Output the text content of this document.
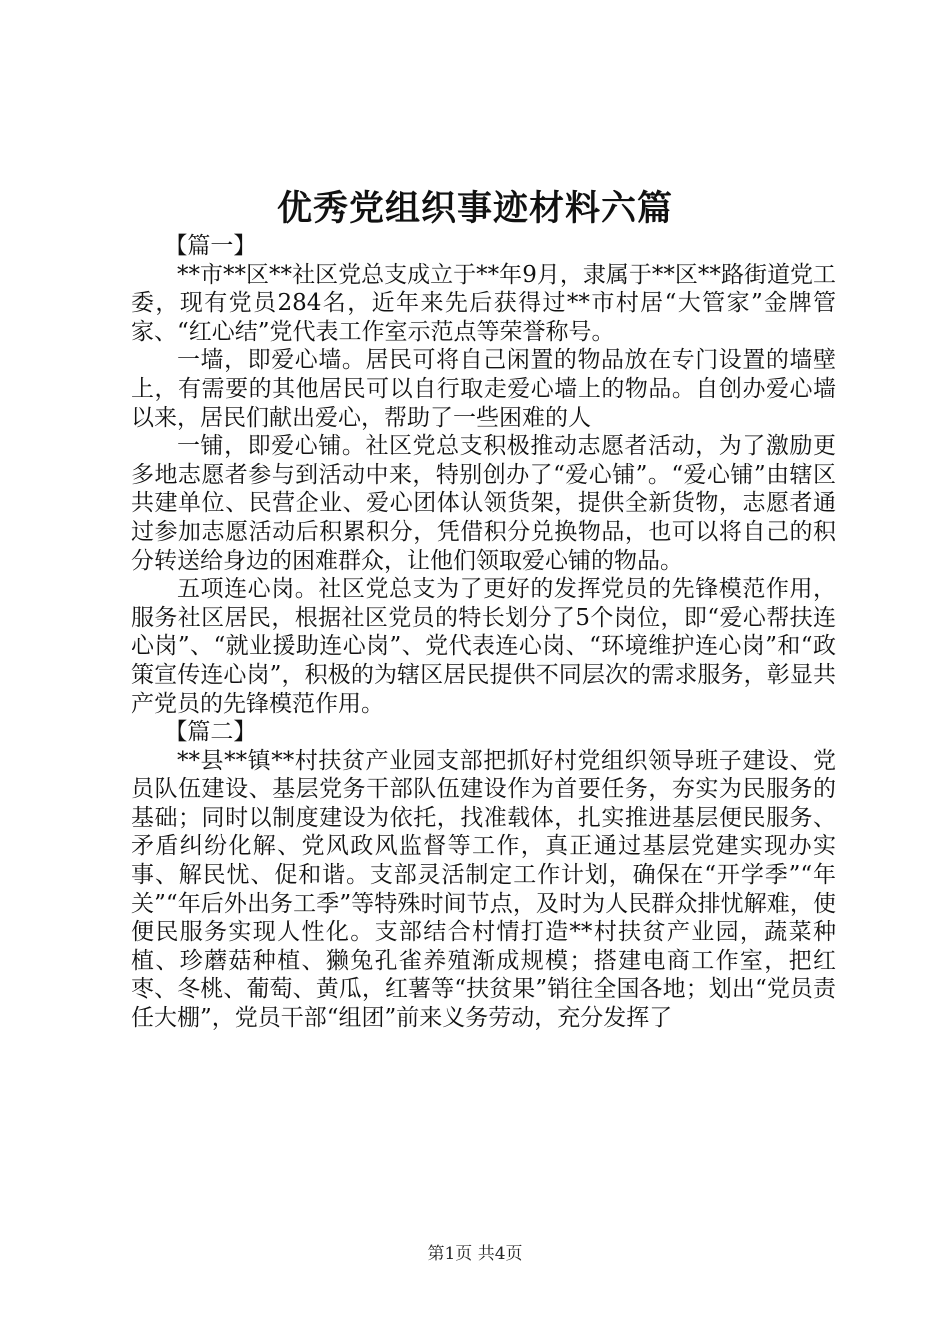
优秀党组织事迹材料六篇
【篇一】

**市**区**社区党总支成立于**年9月，隶属于**区**路街道党工委，现有党员284名，近年来先后获得过**市村居“大管家”金牌管家、“红心结”党代表工作室示范点等荣誉称号。

一墙，即爱心墙。居民可将自己闲置的物品放在专门设置的墙壁上，有需要的其他居民可以自行取走爱心墙上的物品。自创办爱心墙以来，居民们献出爱心，帮助了一些困难的人

一铺，即爱心铺。社区党总支积极推动志愿者活动，为了激励更多地志愿者参与到活动中来，特别创办了“爱心铺”。“爱心铺”由辖区共建单位、民营企业、爱心团体认领货架，提供全新货物，志愿者通过参加志愿活动后积累积分，凭借积分兑换物品，也可以将自己的积分转送给身边的困难群众，让他们领取爱心铺的物品。

五项连心岗。社区党总支为了更好的发挥党员的先锋模范作用，服务社区居民，根据社区党员的特长划分了5个岗位，即“爱心帮扶连心岗”、“就业援助连心岗”、党代表连心岗、“环境维护连心岗”和“政策宣传连心岗”，积极的为辖区居民提供不同层次的需求服务，彰显共产党员的先锋模范作用。

【篇二】

**县**镇**村扶贫产业园支部把抓好村党组织领导班子建设、党员队伍建设、基层党务干部队伍建设作为首要任务，夯实为民服务的基础；同时以制度建设为依托，找准载体，扎实推进基层便民服务、矛盾纠纷化解、党风政风监督等工作，真正通过基层党建实现办实事、解民忧、促和谐。支部灵活制定工作计划，确保在“开学季”“年关”“年后外出务工季”等特殊时间节点，及时为人民群众排忧解难，使便民服务实现人性化。支部结合村情打造**村扶贫产业园，蔬菜种植、珍蘑菇种植、獭兔孔雀养殖渐成规模；搭建电商工作室，把红枣、冬桃、葡萄、黄瓜，红薯等“扶贫果”销往全国各地；划出“党员责任大棚”，党员干部“组团”前来义务劳动，充分发挥了

第1页 共4页
